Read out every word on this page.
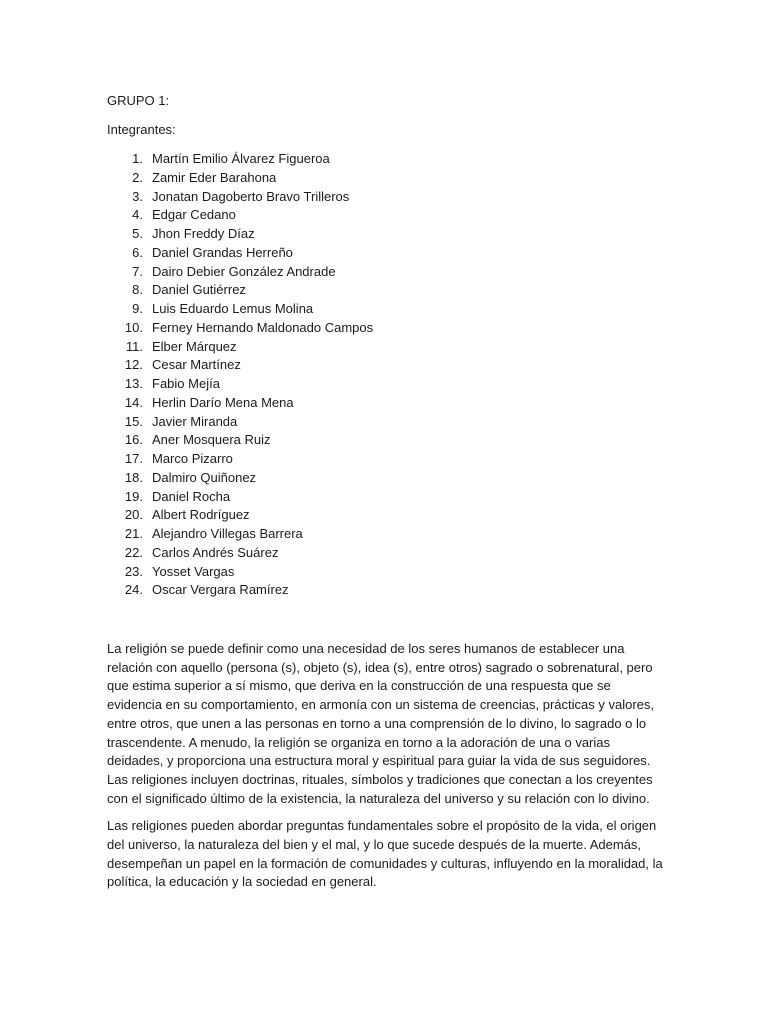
GRUPO 1:

Integrantes:

1. Martín Emilio Álvarez Figueroa
2. Zamir Eder Barahona
3. Jonatan Dagoberto Bravo Trilleros
4. Edgar Cedano
5. Jhon Freddy Díaz
6. Daniel Grandas Herreño
7. Dairo Debier González Andrade
8. Daniel Gutiérrez
9. Luis Eduardo Lemus Molina
10. Ferney Hernando Maldonado Campos
11. Elber Márquez
12. Cesar Martínez
13. Fabio Mejía
14. Herlin Darío Mena Mena
15. Javier Miranda
16. Aner Mosquera Ruiz
17. Marco Pizarro
18. Dalmiro Quiñonez
19. Daniel Rocha
20. Albert Rodríguez
21. Alejandro Villegas Barrera
22. Carlos Andrés Suárez
23. Yosset Vargas
24. Oscar Vergara Ramírez

La religión se puede definir como una necesidad de los seres humanos de establecer una relación con aquello (persona (s), objeto (s), idea (s), entre otros) sagrado o sobrenatural, pero que estima superior a sí mismo, que deriva en la construcción de una respuesta que se evidencia en su comportamiento, en armonía con un sistema de creencias, prácticas y valores, entre otros, que unen a las personas en torno a una comprensión de lo divino, lo sagrado o lo trascendente. A menudo, la religión se organiza en torno a la adoración de una o varias deidades, y proporciona una estructura moral y espiritual para guiar la vida de sus seguidores. Las religiones incluyen doctrinas, rituales, símbolos y tradiciones que conectan a los creyentes con el significado último de la existencia, la naturaleza del universo y su relación con lo divino.

Las religiones pueden abordar preguntas fundamentales sobre el propósito de la vida, el origen del universo, la naturaleza del bien y el mal, y lo que sucede después de la muerte. Además, desempeñan un papel en la formación de comunidades y culturas, influyendo en la moralidad, la política, la educación y la sociedad en general.
